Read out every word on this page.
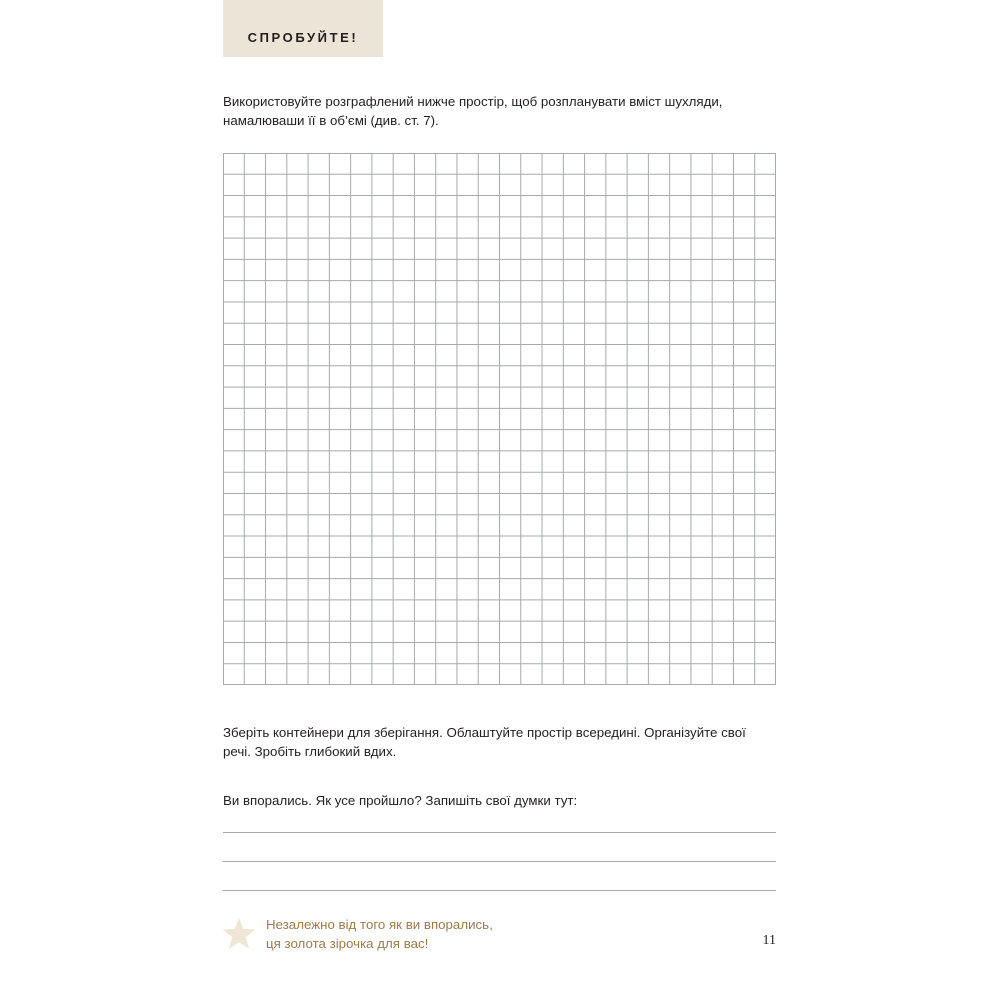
СПРОБУЙТЕ!
Використовуйте розграфлений нижче простір, щоб розпланувати вміст шухляди,
намалюваши її в об’ємі (див. ст. 7).
Зберіть контейнери для зберігання. Облаштуйте простір всередині. Організуйте свої
речі. Зробіть глибокий вдих.
Ви впорались. Як усе пройшло? Запишіть свої думки тут:
Незалежно від того як ви впорались,
ця золота зірочка для вас!	11
